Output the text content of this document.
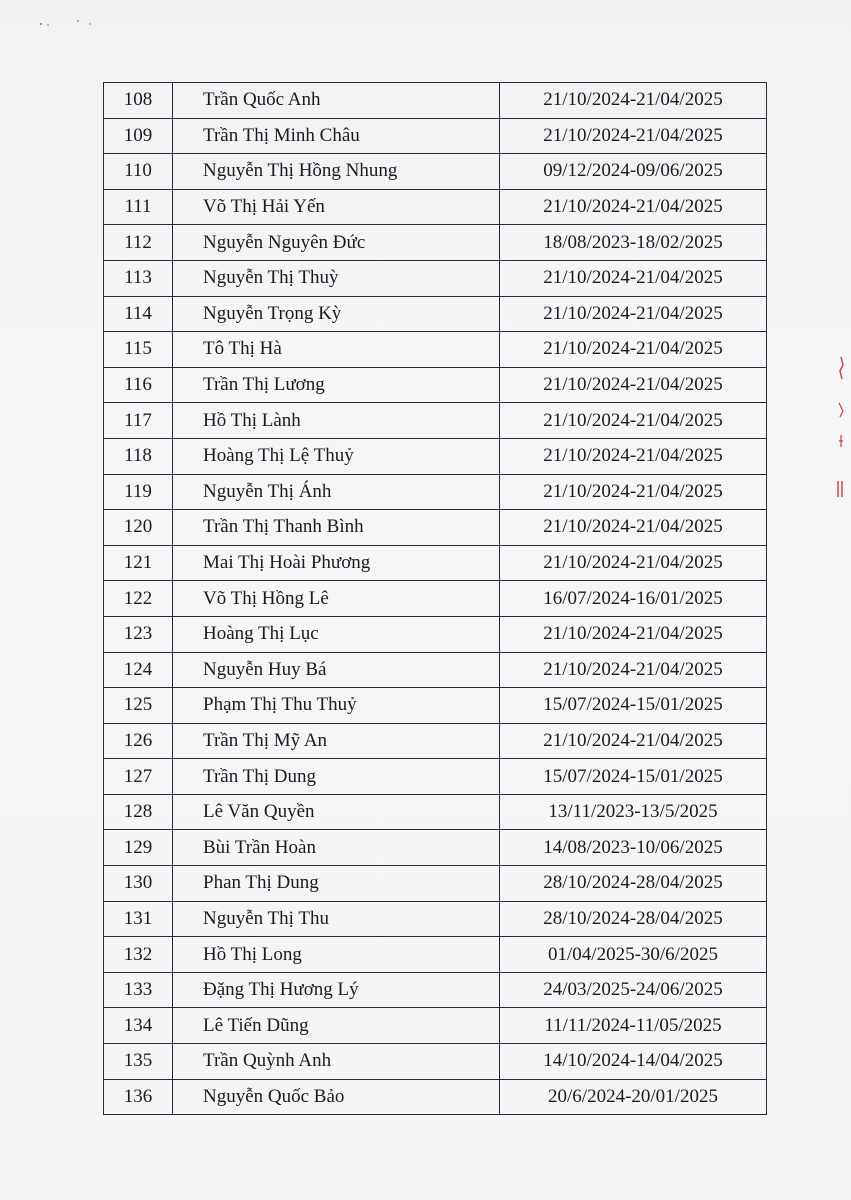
108	Trần Quốc Anh	21/10/2024-21/04/2025
109	Trần Thị Minh Châu	21/10/2024-21/04/2025
110	Nguyễn Thị Hồng Nhung	09/12/2024-09/06/2025
111	Võ Thị Hải Yến	21/10/2024-21/04/2025
112	Nguyễn Nguyên Đức	18/08/2023-18/02/2025
113	Nguyễn Thị Thuỳ	21/10/2024-21/04/2025
114	Nguyễn Trọng Kỳ	21/10/2024-21/04/2025
115	Tô Thị Hà	21/10/2024-21/04/2025
116	Trần Thị Lương	21/10/2024-21/04/2025
117	Hồ Thị Lành	21/10/2024-21/04/2025
118	Hoàng Thị Lệ Thuỷ	21/10/2024-21/04/2025
119	Nguyễn Thị Ánh	21/10/2024-21/04/2025
120	Trần Thị Thanh Bình	21/10/2024-21/04/2025
121	Mai Thị Hoài Phương	21/10/2024-21/04/2025
122	Võ Thị Hồng Lê	16/07/2024-16/01/2025
123	Hoàng Thị Lục	21/10/2024-21/04/2025
124	Nguyễn Huy Bá	21/10/2024-21/04/2025
125	Phạm Thị Thu Thuỷ	15/07/2024-15/01/2025
126	Trần Thị Mỹ An	21/10/2024-21/04/2025
127	Trần Thị Dung	15/07/2024-15/01/2025
128	Lê Văn Quyền	13/11/2023-13/5/2025
129	Bùi Trần Hoàn	14/08/2023-10/06/2025
130	Phan Thị Dung	28/10/2024-28/04/2025
131	Nguyễn Thị Thu	28/10/2024-28/04/2025
132	Hồ Thị Long	01/04/2025-30/6/2025
133	Đặng Thị Hương Lý	24/03/2025-24/06/2025
134	Lê Tiến Dũng	11/11/2024-11/05/2025
135	Trần Quỳnh Anh	14/10/2024-14/04/2025
136	Nguyễn Quốc Bảo	20/6/2024-20/01/2025
